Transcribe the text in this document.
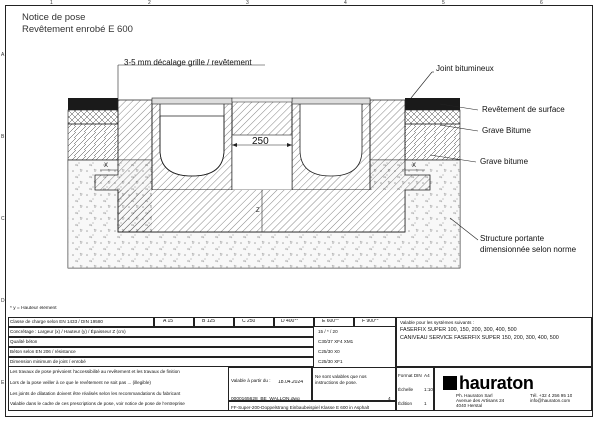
1	2	3	4	5	6
A
B
C
D
E
Notice de pose
Revêtement enrobé E 600
3-5 mm décalage grille / revêtement
Joint bitumineux
Revêtement de surface
Grave Bitume
Grave bitume
Structure portante
dimensionnée selon norme
250
X	X
Z
* y = Hauteur élément
Classe de charge selon EN 1433 / DIN 19580	A 15	B 125	C 250	D 400**	E 600**	F 900**
Concrétage : Largeur (x) / Hauteur (y) / Épaisseur Z (cm)	15 / * / 20
Qualité béton	C30/37 XF4 XM1
Béton selon EN 206 / résistance	C25/30 X0
Dimension minimum de joint / enrobé	C25/30 XF1
Les travaux de pose prévoient l’accessibilité au revêtement et les travaux de finition
Lors de la pose veiller à ce que le revêtement ne soit pas ... (illegible)
Les joints de dilatation doivent être réalisés selon les recommandations du fabricant
Valable dans le cadre de ces prescriptions de pose, voir notice de pose de l’entreprise
Valable à partir du : 18.04.2024
Ne sont valables que nos instructions de pose.
0000165628_BE_WALLON.dwg	4
FF-Super-200-Doppelstrang Einbaubeispiel Klasse E 600 in Asphalt
Valable pour les systèmes suivants :
FASERFIX SUPER 100, 150, 200, 300, 400, 500
CANIVEAU SERVICE FASERFIX SUPER 150, 200, 300, 400, 500
Format DIN A4
Échelle 1:10
Édition	1
hauraton
Ph. Hauraton Sarl
Avenue des Artisans 24
4040 Herstal
Tél. +32 4 256 95 10
info@hauraton.com
